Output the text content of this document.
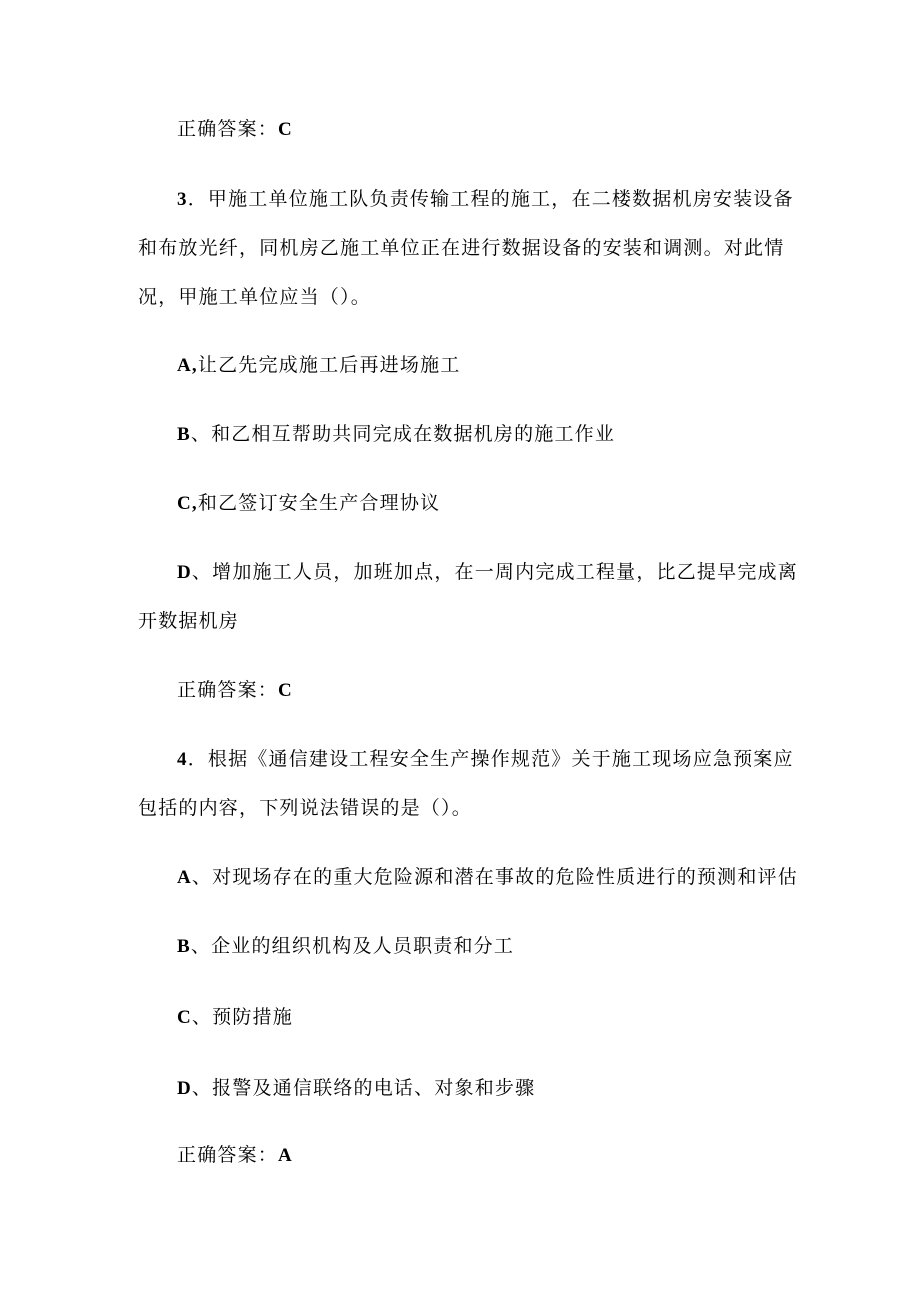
正确答案：C
3．甲施工单位施工队负责传输工程的施工，在二楼数据机房安装设备
和布放光纤，同机房乙施工单位正在进行数据设备的安装和调测。对此情
况，甲施工单位应当（）。
A,让乙先完成施工后再进场施工
B、和乙相互帮助共同完成在数据机房的施工作业
C,和乙签订安全生产合理协议
D、增加施工人员，加班加点，在一周内完成工程量，比乙提早完成离
开数据机房
正确答案：C
4．根据《通信建设工程安全生产操作规范》关于施工现场应急预案应
包括的内容，下列说法错误的是（）。
A、对现场存在的重大危险源和潜在事故的危险性质进行的预测和评估
B、企业的组织机构及人员职责和分工
C、预防措施
D、报警及通信联络的电话、对象和步骤
正确答案：A
